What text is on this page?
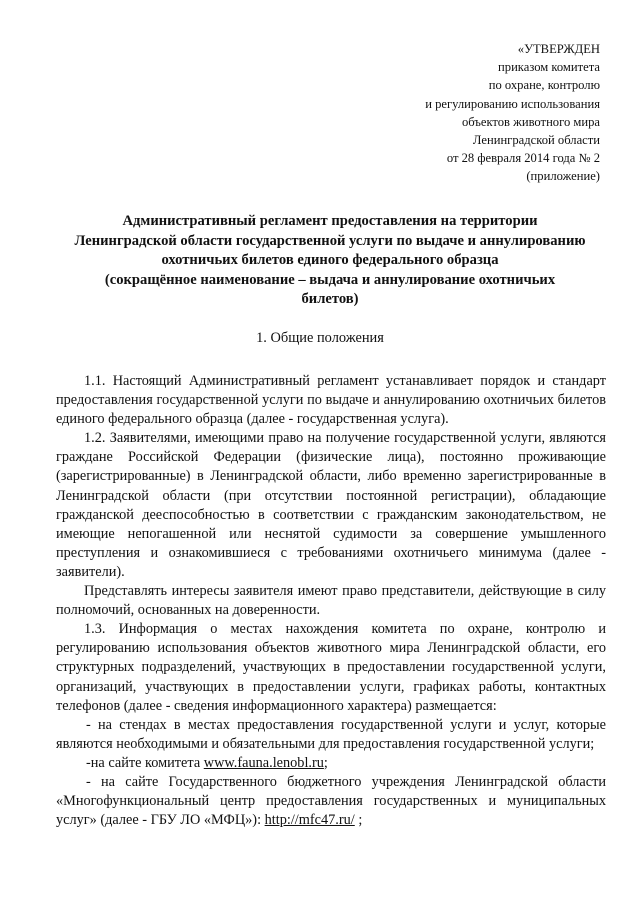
«УТВЕРЖДЕН
приказом комитета
по охране, контролю
и регулированию использования
объектов животного мира
Ленинградской области
от 28 февраля 2014 года № 2
(приложение)
Административный регламент предоставления на территории
Ленинградской области государственной услуги по выдаче и аннулированию
охотничьих билетов единого федерального образца
(сокращённое наименование – выдача и аннулирование охотничьих
билетов)
1. Общие положения

1.1. Настоящий Административный регламент устанавливает порядок и стандарт предоставления государственной услуги по выдаче и аннулированию охотничьих билетов единого федерального образца (далее - государственная услуга).

1.2. Заявителями, имеющими право на получение государственной услуги, являются граждане Российской Федерации (физические лица), постоянно проживающие (зарегистрированные) в Ленинградской области, либо временно зарегистрированные в Ленинградской области (при отсутствии постоянной регистрации), обладающие гражданской дееспособностью в соответствии с гражданским законодательством, не имеющие непогашенной или неснятой судимости за совершение умышленного преступления и ознакомившиеся с требованиями охотничьего минимума (далее - заявители).

Представлять интересы заявителя имеют право представители, действующие в силу полномочий, основанных на доверенности.

1.3. Информация о местах нахождения комитета по охране, контролю и регулированию использования объектов животного мира Ленинградской области, его структурных подразделений, участвующих в предоставлении государственной услуги, организаций, участвующих в предоставлении услуги, графиках работы, контактных телефонов (далее - сведения информационного характера) размещается:

- на стендах в местах предоставления государственной услуги и услуг, которые являются необходимыми и обязательными для предоставления государственной услуги;

-на сайте комитета www.fauna.lenobl.ru;

- на сайте Государственного бюджетного учреждения Ленинградской области «Многофункциональный центр предоставления государственных и муниципальных услуг» (далее - ГБУ ЛО «МФЦ»): http://mfc47.ru/ ;
